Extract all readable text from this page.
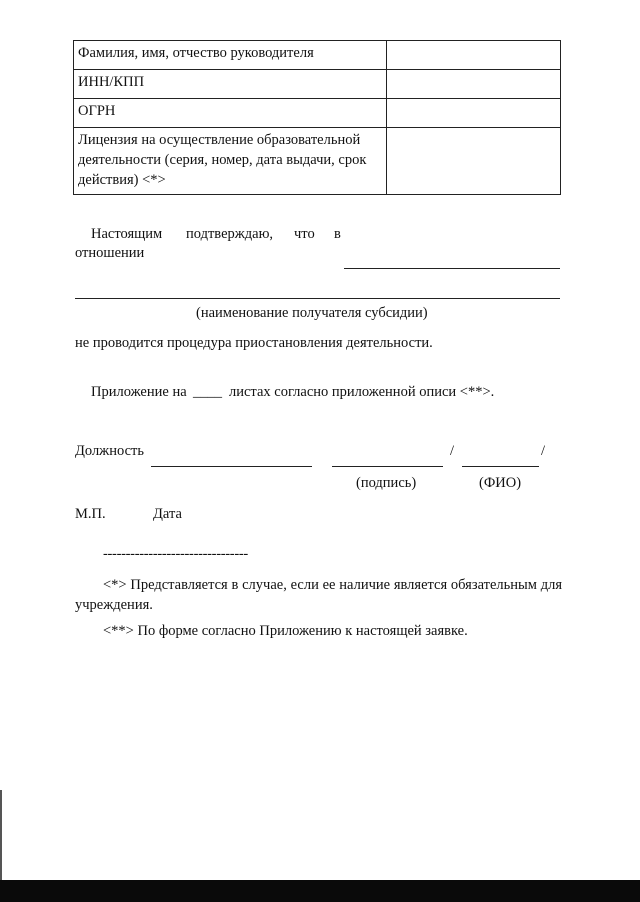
Фамилия, имя, отчество руководителя	
ИНН/КПП	
ОГРН	
Лицензия на осуществление образовательной деятельности (серия, номер, дата выдачи, срок действия) <*>	
Настоящим подтверждаю, что в
отношении
(наименование получателя субсидии)
не проводится процедура приостановления деятельности.
Приложение на ____ листах согласно приложенной описи <**>.
Должность	/	/
(подпись)	(ФИО)
М.П.	Дата
--------------------------------
<*> Представляется в случае, если ее наличие является обязательным для учреждения.
<**> По форме согласно Приложению к настоящей заявке.
